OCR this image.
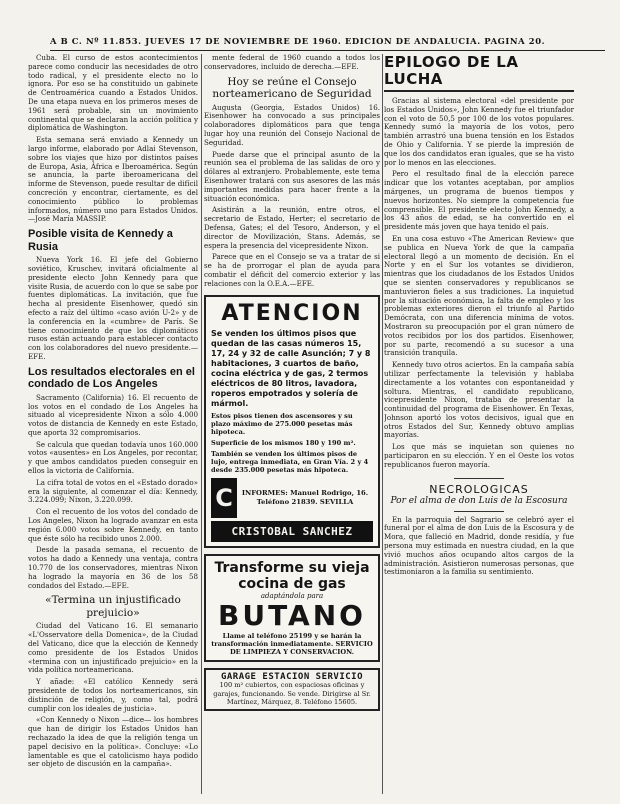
A B C. Nº 11.853. JUEVES 17 DE NOVIEMBRE DE 1960. EDICION DE ANDALUCIA. PAGINA 20.

Cuba. El curso de estos acontecimientos parece como conducir las necesidades de otro todo radical, y el presidente electo no lo ignora. Por eso se ha constituido un gabinete de Centroamérica cuando a Estados Unidos. De una etapa nueva en los primeros meses de 1961 será probable, sin un movimiento continental que se declaran la acción política y diplomática de Washington.

Esta semana será enviado a Kennedy un largo informe, elaborado por Adlai Stevenson, sobre los viajes que hizo por distintos países de Europa, Asia, África e Iberoamérica. Según se anuncia, la parte iberoamericana del informe de Stevenson, puede resultar de difícil concreción y encontrar, ciertamente, es del conocimiento público lo problemas informados, número uno para Estados Unidos.—José María MASSIP.

Posible visita de Kennedy a Rusia

Nueva York 16. El jefe del Gobierno soviético, Kruschev, invitará oficialmente al presidente electo John Kennedy para que visite Rusia, de acuerdo con lo que se sabe por fuentes diplomáticas. La invitación, que fue hecha al presidente Eisenhower, quedó sin efecto a raíz del último «caso avión U-2» y de la conferencia en la «cumbre» de París. Se tiene conocimiento de que los diplomáticos rusos están actuando para establecer contacto con los colaboradores del nuevo presidente.—EFE.

Los resultados electorales en el condado de Los Angeles

Sacramento (California) 16. El recuento de los votos en el condado de Los Angeles ha situado al vicepresidente Nixon a sólo 4.000 votos de distancia de Kennedy en este Estado, que aporta 32 compromisarios.

Se calcula que quedan todavía unos 160.000 votos «ausentes» en Los Angeles, por recontar, y que ambos candidatos pueden conseguir en ellos la victoria de California.

La cifra total de votos en el «Estado dorado» era la siguiente, al comenzar el día: Kennedy, 3.224.099; Nixon, 3.220.099.

Con el recuento de los votos del condado de Los Angeles, Nixon ha logrado avanzar en esta región 6.000 votos sobre Kennedy, en tanto que éste sólo ha recibido unos 2.000.

Desde la pasada semana, el recuento de votos ha dado a Kennedy una ventaja, contra 10.770 de los conservadores, mientras Nixon ha logrado la mayoría en 36 de los 58 condados del Estado.—EFE.

«Termina un injustificado prejuicio»

Ciudad del Vaticano 16. El semanario «L'Osservatore della Domenica», de la Ciudad del Vaticano, dice que la elección de Kennedy como presidente de los Estados Unidos «termina con un injustificado prejuicio» en la vida política norteamericana.

Y añade: «El católico Kennedy será presidente de todos los norteamericanos, sin distinción de religión, y, como tal, podrá cumplir con los ideales de justicia».

«Con Kennedy o Nixon —dice— los hombres que han de dirigir los Estados Unidos han rechazado la idea de que la religión tenga un papel decisivo en la política». Concluye: «Lo lamentable es que el catolicismo haya podido ser objeto de discusión en la campaña».

mente federal de 1960 cuando a todos los conservadores, incluido de derecha.—EFE.

Hoy se reúne el Consejo norteamericano de Seguridad

Augusta (Georgia, Estados Unidos) 16. Eisenhower ha convocado a sus principales colaboradores diplomáticos para que tenga lugar hoy una reunión del Consejo Nacional de Seguridad.

Puede darse que el principal asunto de la reunión sea el problema de las salidas de oro y dólares al extranjero. Probablemente, este tema Eisenhower tratará con sus asesores de las más importantes medidas para hacer frente a la situación económica.

Asistirán a la reunión, entre otros, el secretario de Estado, Herter; el secretario de Defensa, Gates; el del Tesoro, Anderson, y el director de Movilización, Stans. Además, se espera la presencia del vicepresidente Nixon.

Parece que en el Consejo se va a tratar de si se ha de prorrogar el plan de ayuda para combatir el déficit del comercio exterior y las relaciones con la O.E.A.—EFE.

ATENCION
Se venden los últimos pisos que quedan de las casas números 15, 17, 24 y 32 de calle Asunción; 7 y 8 habitaciones, 3 cuartos de baño, cocina eléctrica y de gas, 2 termos eléctricos de 80 litros, lavadora, roperos empotrados y solería de mármol.
Estos pisos tienen dos ascensores y su plazo máximo de 275.000 pesetas más hipoteca.
Superficie de los mismos 180 y 190 m².
También se venden los últimos pisos de lujo, entrega inmediata, en Gran Vía. 2 y 4 desde 235.000 pesetas más hipoteca.
C	INFORMES: Manuel Rodrigo, 16. Teléfono 21839. SEVILLA
CRISTOBAL SANCHEZ
Transforme su vieja cocina de gas
adaptándola para
BUTANO
Llame al teléfono 25199 y se harán la transformación inmediatamente. SERVICIO DE LIMPIEZA Y CONSERVACION.
GARAGE ESTACION SERVICIO
100 m² cubiertos, con espaciosas oficinas y garajes, funcionando. Se vende. Dirigirse al Sr. Martínez, Márquez, 8. Teléfono 15605.
EPILOGO DE LA LUCHA

Gracias al sistema electoral «del presidente por los Estados Unidos», John Kennedy fue el triunfador con el voto de 50,5 por 100 de los votos populares. Kennedy sumó la mayoría de los votos, pero también arrastró una buena tensión en los Estados de Ohio y California. Y se pierde la impresión de que los dos candidatos eran iguales, que se ha visto por lo menos en las elecciones.

Pero el resultado final de la elección parece indicar que los votantes aceptaban, por amplios márgenes, un programa de buenos tiempos y nuevos horizontes. No siempre la competencia fue comprensible. El presidente electo John Kennedy, a los 43 años de edad, se ha convertido en el presidente más joven que haya tenido el país.

En una cosa estuvo «The American Review» que se publica en Nueva York de que la campaña electoral llegó a un momento de decisión. En el Norte y en el Sur los votantes se dividieron, mientras que los ciudadanos de los Estados Unidos que se sienten conservadores y republicanos se mantuvieron fieles a sus tradiciones. La inquietud por la situación económica, la falta de empleo y los problemas exteriores dieron el triunfo al Partido Demócrata, con una diferencia mínima de votos. Mostraron su preocupación por el gran número de votos recibidos por los dos partidos. Eisenhower, por su parte, recomendó a su sucesor a una transición tranquila.

Kennedy tuvo otros aciertos. En la campaña sabía utilizar perfectamente la televisión y hablaba directamente a los votantes con espontaneidad y soltura. Mientras, el candidato republicano, vicepresidente Nixon, trataba de presentar la continuidad del programa de Eisenhower. En Texas, Johnson aportó los votos decisivos, igual que en otros Estados del Sur, Kennedy obtuvo amplias mayorías.

Los que más se inquietan son quienes no participaron en su elección. Y en el Oeste los votos republicanos fueron mayoría.

NECROLOGICAS
Por el alma de don Luis de la Escosura

En la parroquia del Sagrario se celebró ayer el funeral por el alma de don Luis de la Escosura y de Mora, que falleció en Madrid, donde residía, y fue persona muy estimada en nuestra ciudad, en la que vivió muchos años ocupando altos cargos de la administración. Asistieron numerosas personas, que testimoniaron a la familia su sentimiento.
